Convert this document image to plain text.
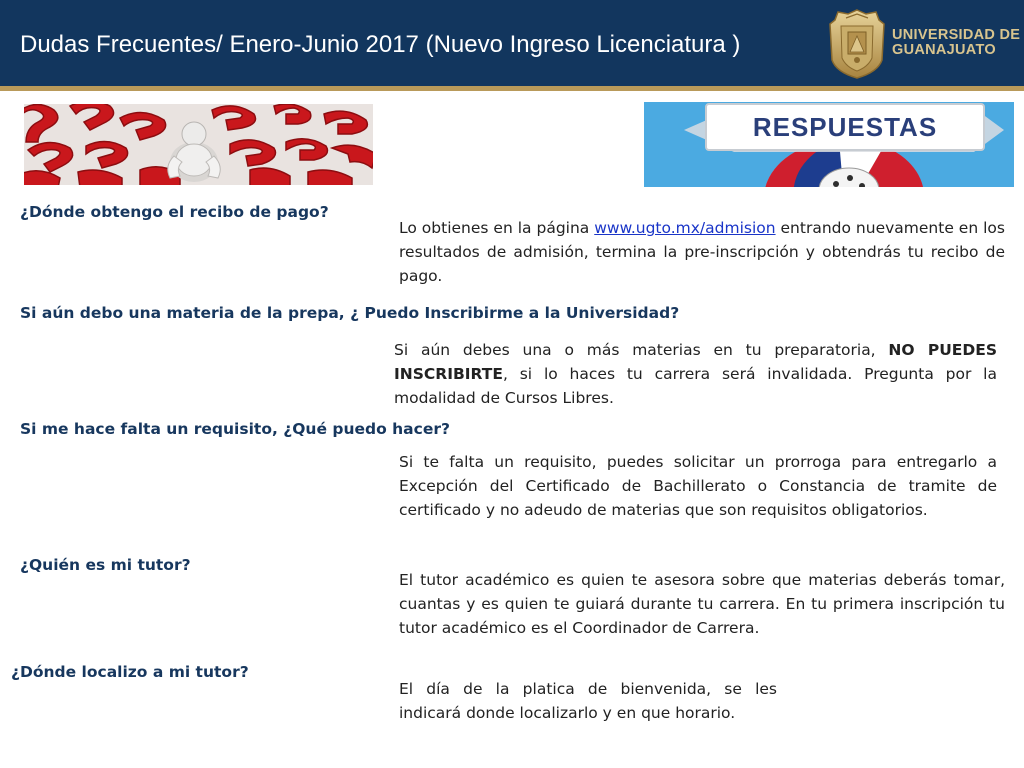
Dudas Frecuentes/ Enero-Junio 2017 (Nuevo Ingreso Licenciatura )	UNIVERSIDAD DE
GUANAJUATO
RESPUESTAS
¿Dónde obtengo el recibo de pago?
Lo obtienes en la página www.ugto.mx/admision entrando nuevamente en los resultados de admisión, termina la pre-inscripción y obtendrás tu recibo de pago.
Si aún debo una materia de la prepa, ¿ Puedo Inscribirme a la Universidad?
Si aún debes una o más materias en tu preparatoria, NO PUEDES INSCRIBIRTE, si lo haces tu carrera será invalidada. Pregunta por la modalidad de Cursos Libres.
Si me hace falta un requisito, ¿Qué puedo hacer?
Si te falta un requisito, puedes solicitar un prorroga para entregarlo a Excepción del Certificado de Bachillerato o Constancia de tramite de certificado y no adeudo de materias que son requisitos obligatorios.
¿Quién es mi tutor?
El tutor académico es quien te asesora sobre que materias deberás tomar, cuantas y es quien te guiará durante tu carrera. En tu primera inscripción tu tutor académico es el Coordinador de Carrera.
¿Dónde localizo a mi tutor?
El día de la platica de bienvenida, se les indicará donde localizarlo y en que horario.
